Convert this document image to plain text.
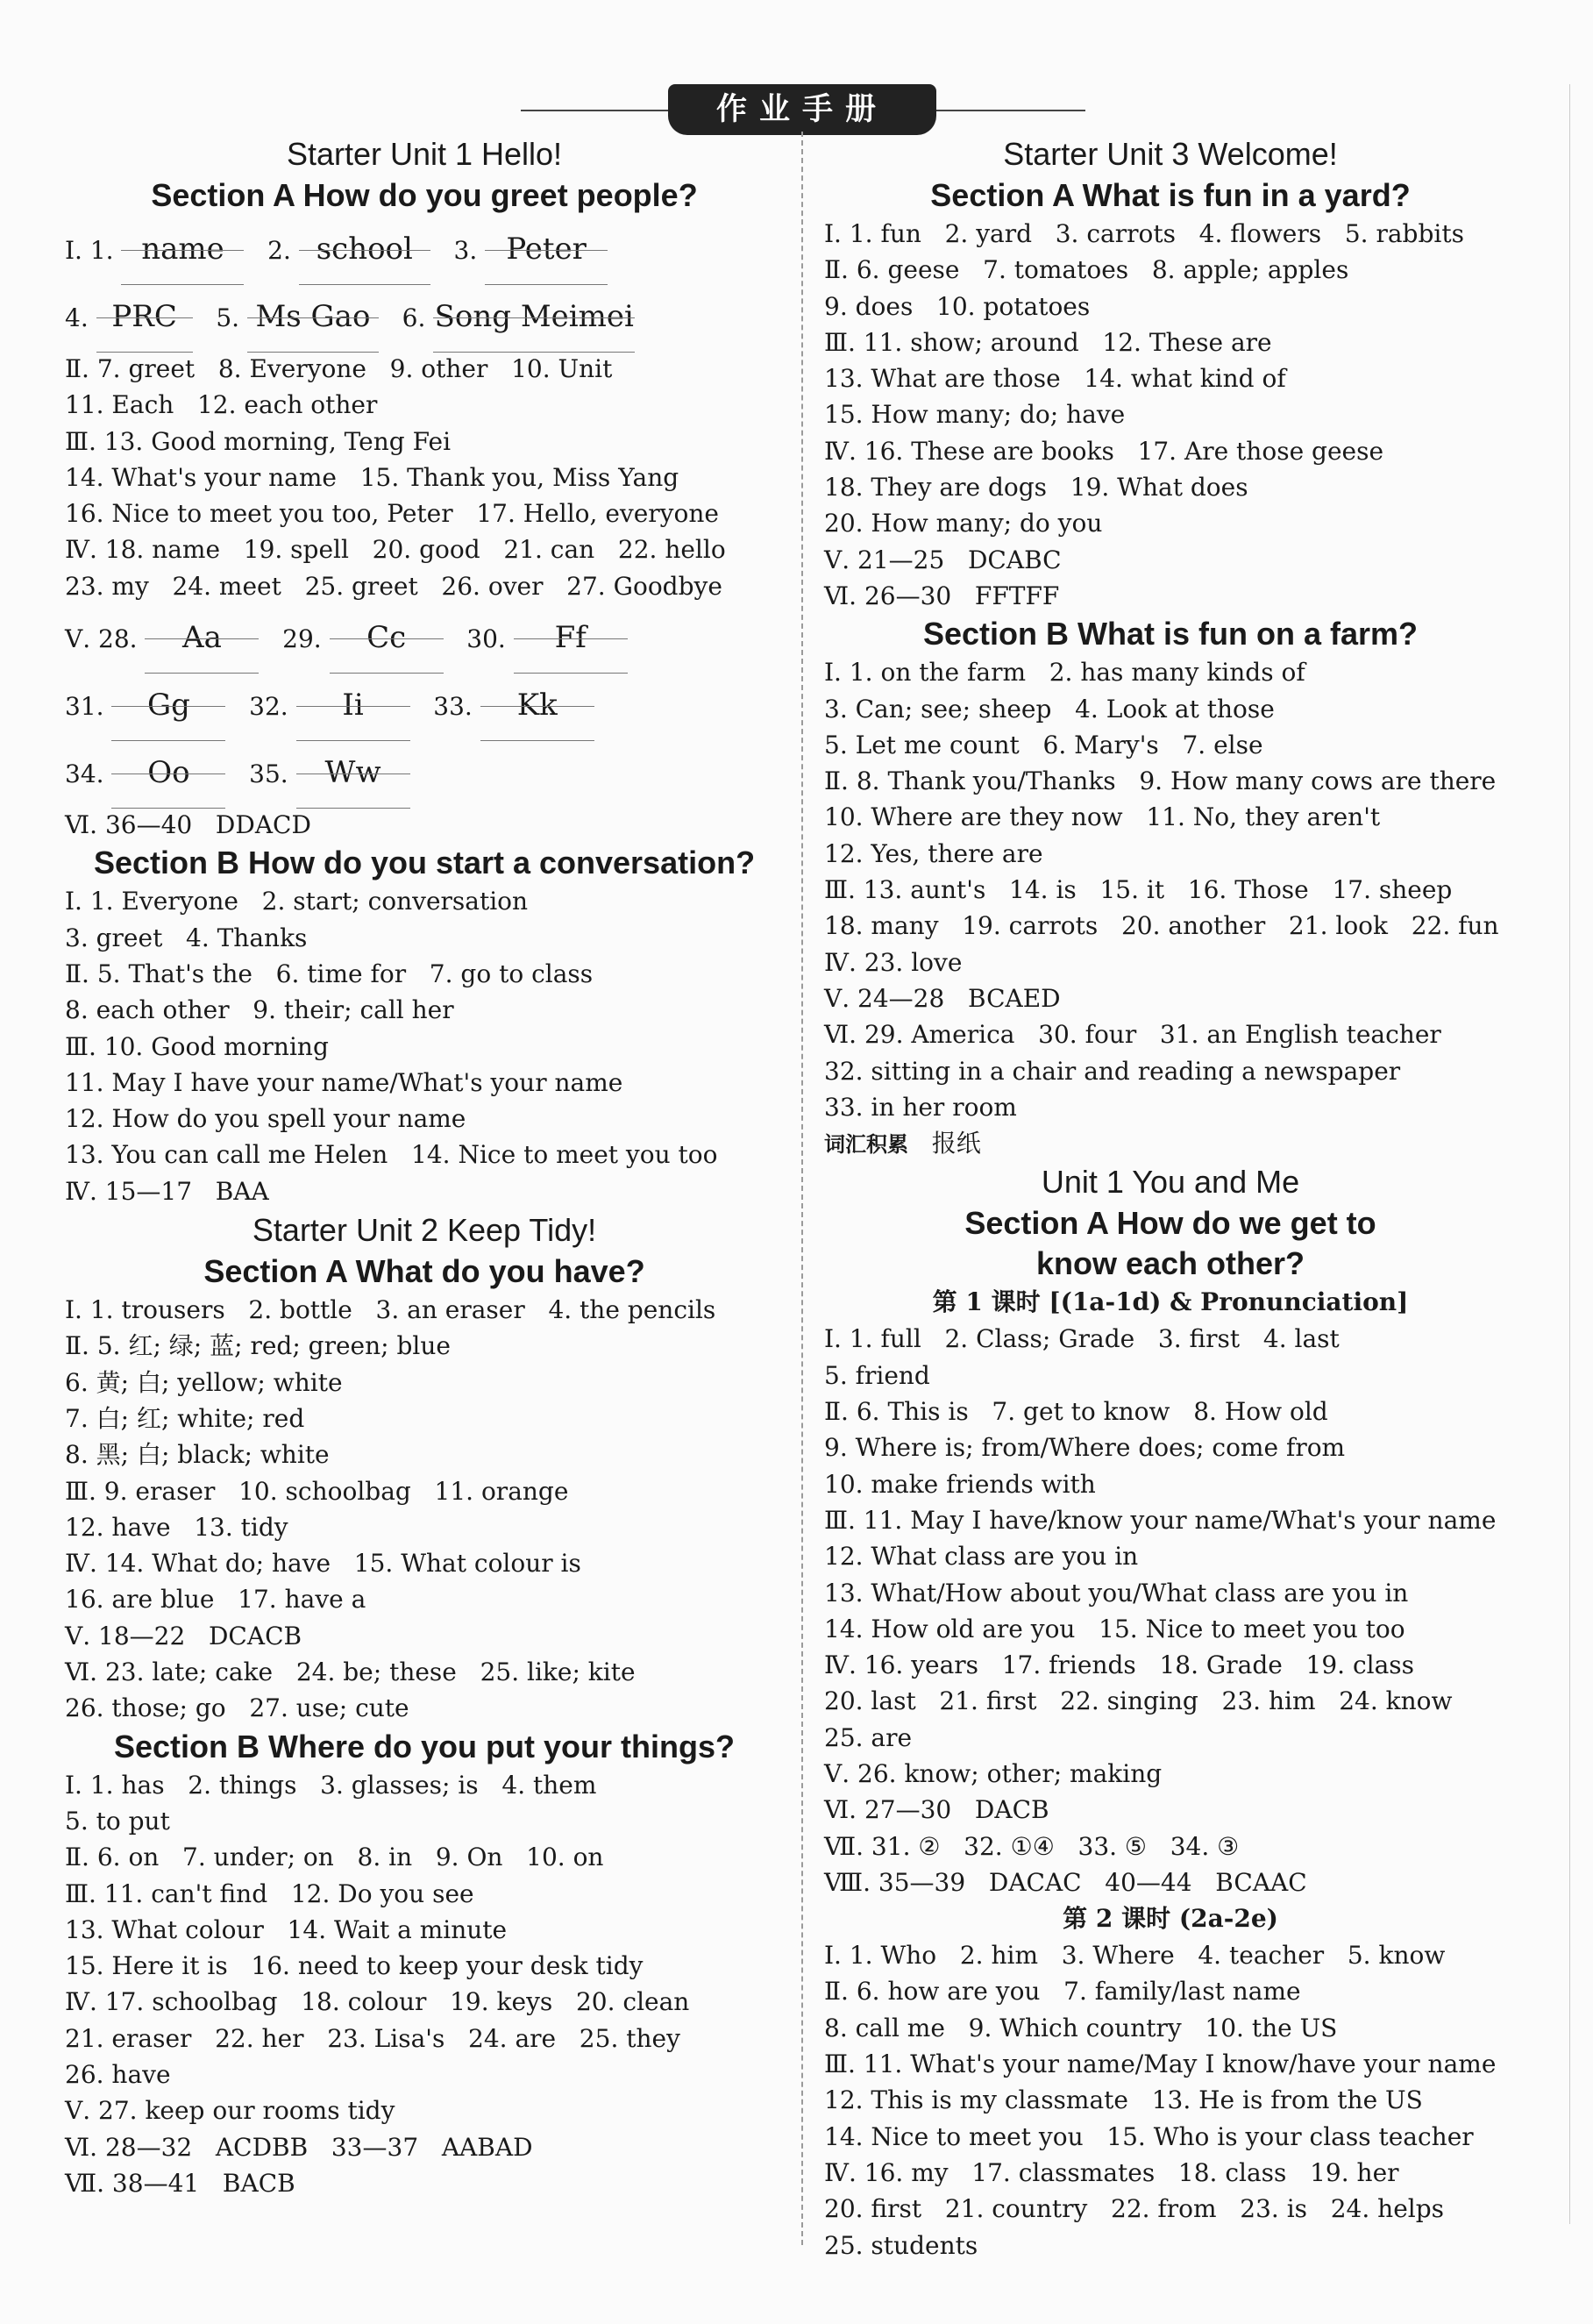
作业手册
Starter Unit 1 Hello!
Section A How do you greet people?
Ⅰ. 1. name   2. school   3. Peter
4. PRC   5. Ms Gao   6. Song Meimei
Ⅱ. 7. greet   8. Everyone   9. other   10. Unit
11. Each   12. each other
Ⅲ. 13. Good morning, Teng Fei
14. What's your name   15. Thank you, Miss Yang
16. Nice to meet you too, Peter   17. Hello, everyone
Ⅳ. 18. name   19. spell   20. good   21. can   22. hello
23. my   24. meet   25. greet   26. over   27. Goodbye
Ⅴ. 28. Aa   29. Cc   30. Ff
31. Gg   32. Ii   33. Kk
34. Oo   35. Ww
Ⅵ. 36—40   DDACD
Section B How do you start a conversation?
Ⅰ. 1. Everyone   2. start; conversation
3. greet   4. Thanks
Ⅱ. 5. That's the   6. time for   7. go to class
8. each other   9. their; call her
Ⅲ. 10. Good morning
11. May I have your name/What's your name
12. How do you spell your name
13. You can call me Helen   14. Nice to meet you too
Ⅳ. 15—17   BAA
Starter Unit 2 Keep Tidy!
Section A What do you have?
Ⅰ. 1. trousers   2. bottle   3. an eraser   4. the pencils
Ⅱ. 5. 红; 绿; 蓝; red; green; blue
6. 黄; 白; yellow; white
7. 白; 红; white; red
8. 黑; 白; black; white
Ⅲ. 9. eraser   10. schoolbag   11. orange
12. have   13. tidy
Ⅳ. 14. What do; have   15. What colour is
16. are blue   17. have a
Ⅴ. 18—22   DCACB
Ⅵ. 23. late; cake   24. be; these   25. like; kite
26. those; go   27. use; cute
Section B Where do you put your things?
Ⅰ. 1. has   2. things   3. glasses; is   4. them
5. to put
Ⅱ. 6. on   7. under; on   8. in   9. On   10. on
Ⅲ. 11. can't find   12. Do you see
13. What colour   14. Wait a minute
15. Here it is   16. need to keep your desk tidy
Ⅳ. 17. schoolbag   18. colour   19. keys   20. clean
21. eraser   22. her   23. Lisa's   24. are   25. they
26. have
Ⅴ. 27. keep our rooms tidy
Ⅵ. 28—32   ACDBB   33—37   AABAD
Ⅶ. 38—41   BACB
Starter Unit 3 Welcome!
Section A What is fun in a yard?
Ⅰ. 1. fun   2. yard   3. carrots   4. flowers   5. rabbits
Ⅱ. 6. geese   7. tomatoes   8. apple; apples
9. does   10. potatoes
Ⅲ. 11. show; around   12. These are
13. What are those   14. what kind of
15. How many; do; have
Ⅳ. 16. These are books   17. Are those geese
18. They are dogs   19. What does
20. How many; do you
Ⅴ. 21—25   DCABC
Ⅵ. 26—30   FFTFF
Section B What is fun on a farm?
Ⅰ. 1. on the farm   2. has many kinds of
3. Can; see; sheep   4. Look at those
5. Let me count   6. Mary's   7. else
Ⅱ. 8. Thank you/Thanks   9. How many cows are there
10. Where are they now   11. No, they aren't
12. Yes, there are
Ⅲ. 13. aunt's   14. is   15. it   16. Those   17. sheep
18. many   19. carrots   20. another   21. look   22. fun
Ⅳ. 23. love
Ⅴ. 24—28   BCAED
Ⅵ. 29. America   30. four   31. an English teacher
32. sitting in a chair and reading a newspaper
33. in her room
词汇积累   报纸
Unit 1 You and Me
Section A How do we get to
know each other?
第 1 课时 [(1a-1d) & Pronunciation]
Ⅰ. 1. full   2. Class; Grade   3. first   4. last
5. friend
Ⅱ. 6. This is   7. get to know   8. How old
9. Where is; from/Where does; come from
10. make friends with
Ⅲ. 11. May I have/know your name/What's your name
12. What class are you in
13. What/How about you/What class are you in
14. How old are you   15. Nice to meet you too
Ⅳ. 16. years   17. friends   18. Grade   19. class
20. last   21. first   22. singing   23. him   24. know
25. are
Ⅴ. 26. know; other; making
Ⅵ. 27—30   DACB
Ⅶ. 31. ②   32. ①④   33. ⑤   34. ③
Ⅷ. 35—39   DACAC   40—44   BCAAC
第 2 课时 (2a-2e)
Ⅰ. 1. Who   2. him   3. Where   4. teacher   5. know
Ⅱ. 6. how are you   7. family/last name
8. call me   9. Which country   10. the US
Ⅲ. 11. What's your name/May I know/have your name
12. This is my classmate   13. He is from the US
14. Nice to meet you   15. Who is your class teacher
Ⅳ. 16. my   17. classmates   18. class   19. her
20. first   21. country   22. from   23. is   24. helps
25. students
